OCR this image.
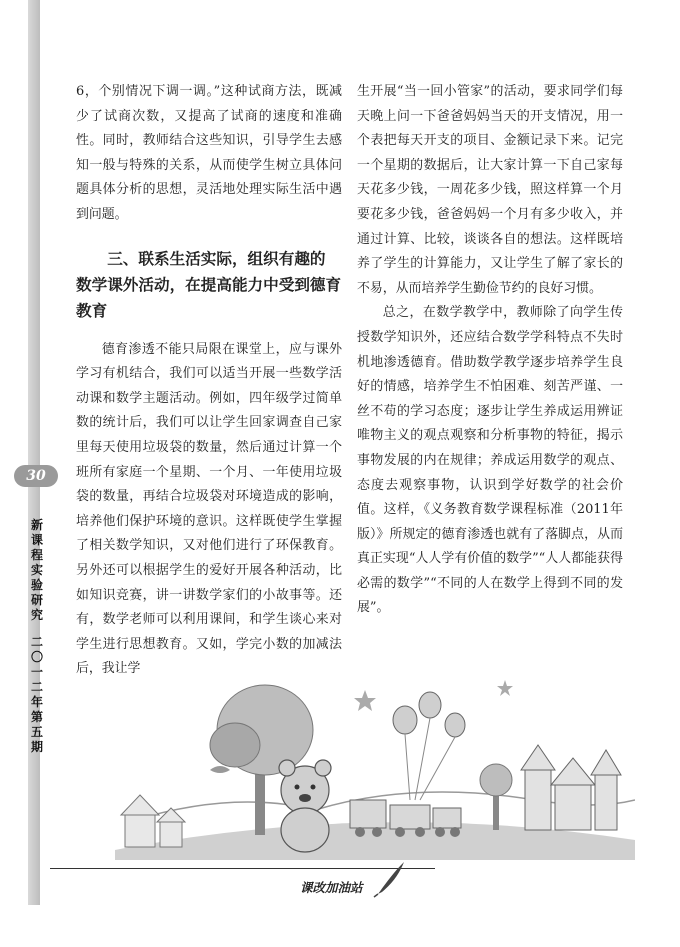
30
新课程实验研究
二〇一二年 第五期

6，个别情况下调一调。”这种试商方法，既减少了试商次数，又提高了试商的速度和准确性。同时，教师结合这些知识，引导学生去感知一般与特殊的关系，从而使学生树立具体问题具体分析的思想，灵活地处理实际生活中遇到问题。

三、联系生活实际，组织有趣的
数学课外活动，在提高能力中受到德育教育

德育渗透不能只局限在课堂上，应与课外学习有机结合，我们可以适当开展一些数学活动课和数学主题活动。例如，四年级学过简单数的统计后，我们可以让学生回家调查自己家里每天使用垃圾袋的数量，然后通过计算一个班所有家庭一个星期、一个月、一年使用垃圾袋的数量，再结合垃圾袋对环境造成的影响，培养他们保护环境的意识。这样既使学生掌握了相关数学知识，又对他们进行了环保教育。另外还可以根据学生的爱好开展各种活动，比如知识竞赛，讲一讲数学家们的小故事等。还有，数学老师可以利用课间，和学生谈心来对学生进行思想教育。又如，学完小数的加减法后，我让学

生开展“当一回小管家”的活动，要求同学们每天晚上问一下爸爸妈妈当天的开支情况，用一个表把每天开支的项目、金额记录下来。记完一个星期的数据后，让大家计算一下自己家每天花多少钱，一周花多少钱，照这样算一个月要花多少钱，爸爸妈妈一个月有多少收入，并通过计算、比较，谈谈各自的想法。这样既培养了学生的计算能力，又让学生了解了家长的不易，从而培养学生勤俭节约的良好习惯。

总之，在数学教学中，教师除了向学生传授数学知识外，还应结合数学学科特点不失时机地渗透德育。借助数学教学逐步培养学生良好的情感，培养学生不怕困难、刻苦严谨、一丝不苟的学习态度；逐步让学生养成运用辨证唯物主义的观点观察和分析事物的特征，揭示事物发展的内在规律；养成运用数学的观点、态度去观察事物，认识到学好数学的社会价值。这样，《义务教育数学课程标准（2011年版）》所规定的德育渗透也就有了落脚点，从而真正实现“人人学有价值的数学”“人人都能获得必需的数学”“不同的人在数学上得到不同的发展”。

课改加油站
